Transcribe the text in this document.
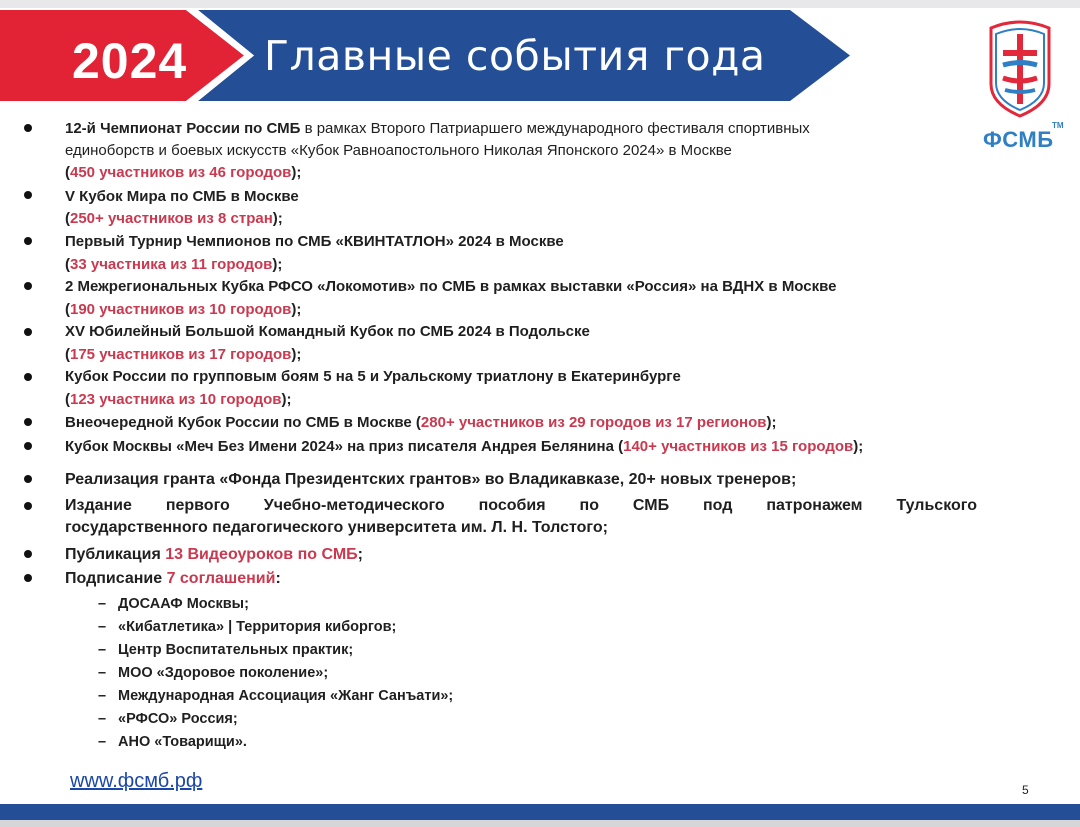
2024 Главные события года
ФСМБ
TM
12-й Чемпионат России по СМБ в рамках Второго Патриаршего международного фестиваля спортивных
единоборств и боевых искусств «Кубок Равноапостольного Николая Японского 2024» в Москве
(450 участников из 46 городов);
V Кубок Мира по СМБ в Москве
(250+ участников из 8 стран);
Первый Турнир Чемпионов по СМБ «КВИНТАТЛОН» 2024 в Москве
(33 участника из 11 городов);
2 Межрегиональных Кубка РФСО «Локомотив» по СМБ в рамках выставки «Россия» на ВДНХ в Москве
(190 участников из 10 городов);
XV Юбилейный Большой Командный Кубок по СМБ 2024 в Подольске
(175 участников из 17 городов);
Кубок России по групповым боям 5 на 5 и Уральскому триатлону в Екатеринбурге
(123 участника из 10 городов);
Внеочередной Кубок России по СМБ в Москве (280+ участников из 29 городов из 17 регионов);
Кубок Москвы «Меч Без Имени 2024» на приз писателя Андрея Белянина (140+ участников из 15 городов);
Реализация гранта «Фонда Президентских грантов» во Владикавказе, 20+ новых тренеров;
Издание первого Учебно-методического пособия по СМБ под патронажем Тульского
государственного педагогического университета им. Л. Н. Толстого;
Публикация 13 Видеоуроков по СМБ;
Подписание 7 соглашений:
– ДОСААФ Москвы;
– «Кибатлетика» | Территория киборгов;
– Центр Воспитательных практик;
– МОО «Здоровое поколение»;
– Международная Ассоциация «Жанг Санъати»;
– «РФСО» Россия;
– АНО «Товарищи».
www.фсмб.рф	5
